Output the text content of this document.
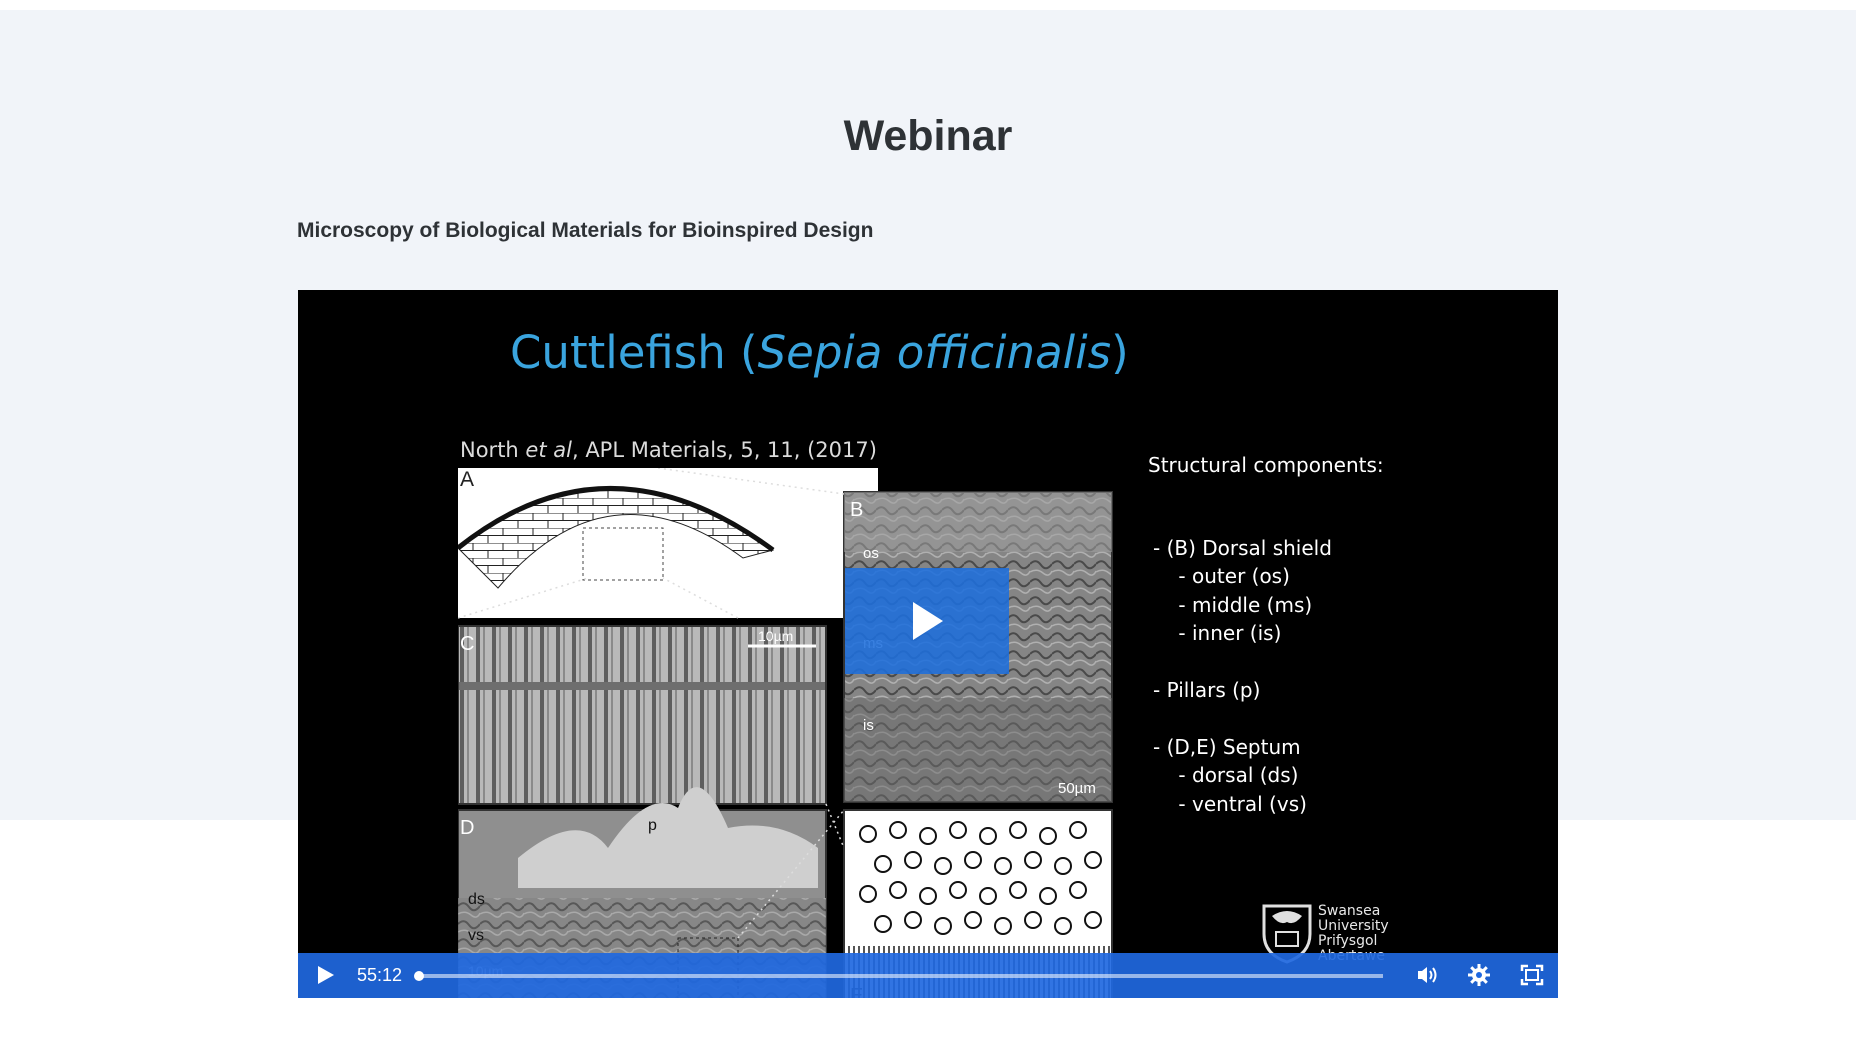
Webinar

Microscopy of Biological Materials for Bioinspired Design

Cuttlefish (Sepia officinalis)
North et al, APL Materials, 5, 11, (2017)
A
B
os
is
50µm
C	10µm
D	p
ds
vs
Structural components:
- (B) Dorsal shield
- outer (os)
- middle (ms)
- inner (is)
- Pillars (p)
- (D,E) Septum
- dorsal (ds)
- ventral (vs)
Swansea
University
Prifysgol
55:12
